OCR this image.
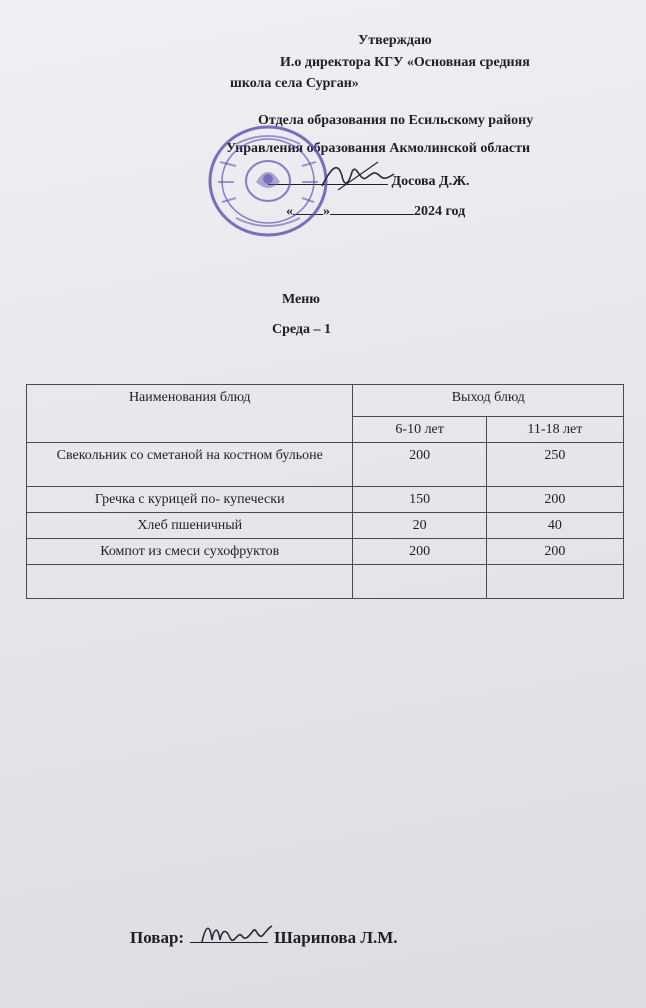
Утверждаю
И.о директора КГУ «Основная средняя
школа села Сурган»
Отдела образования по Есильскому району
Управления образования Акмолинской области
Досова Д.Ж.
« »	2024 год
Меню
Среда – 1
Наименования блюд	Выход блюд	
	6-10 лет	11-18 лет
Свекольник со сметаной на костном бульоне	200	250
Гречка с курицей по- купечески	150	200
Хлеб пшеничный	20	40
Компот из смеси сухофруктов	200	200

Повар:	Шарипова Л.М.
